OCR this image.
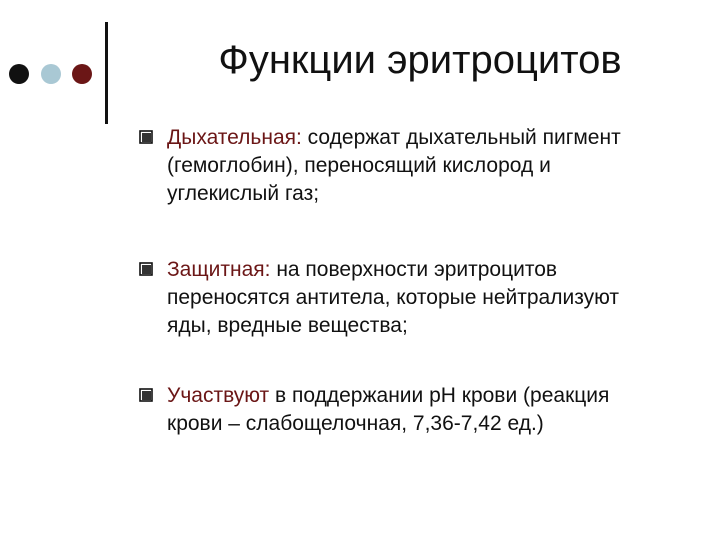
Функции эритроцитов
Дыхательная: содержат дыхательный пигмент (гемоглобин), переносящий кислород и углекислый газ;
Защитная: на поверхности эритроцитов переносятся антитела, которые нейтрализуют яды, вредные вещества;
Участвуют в поддержании рН крови (реакция крови – слабощелочная, 7,36-7,42 ед.)
